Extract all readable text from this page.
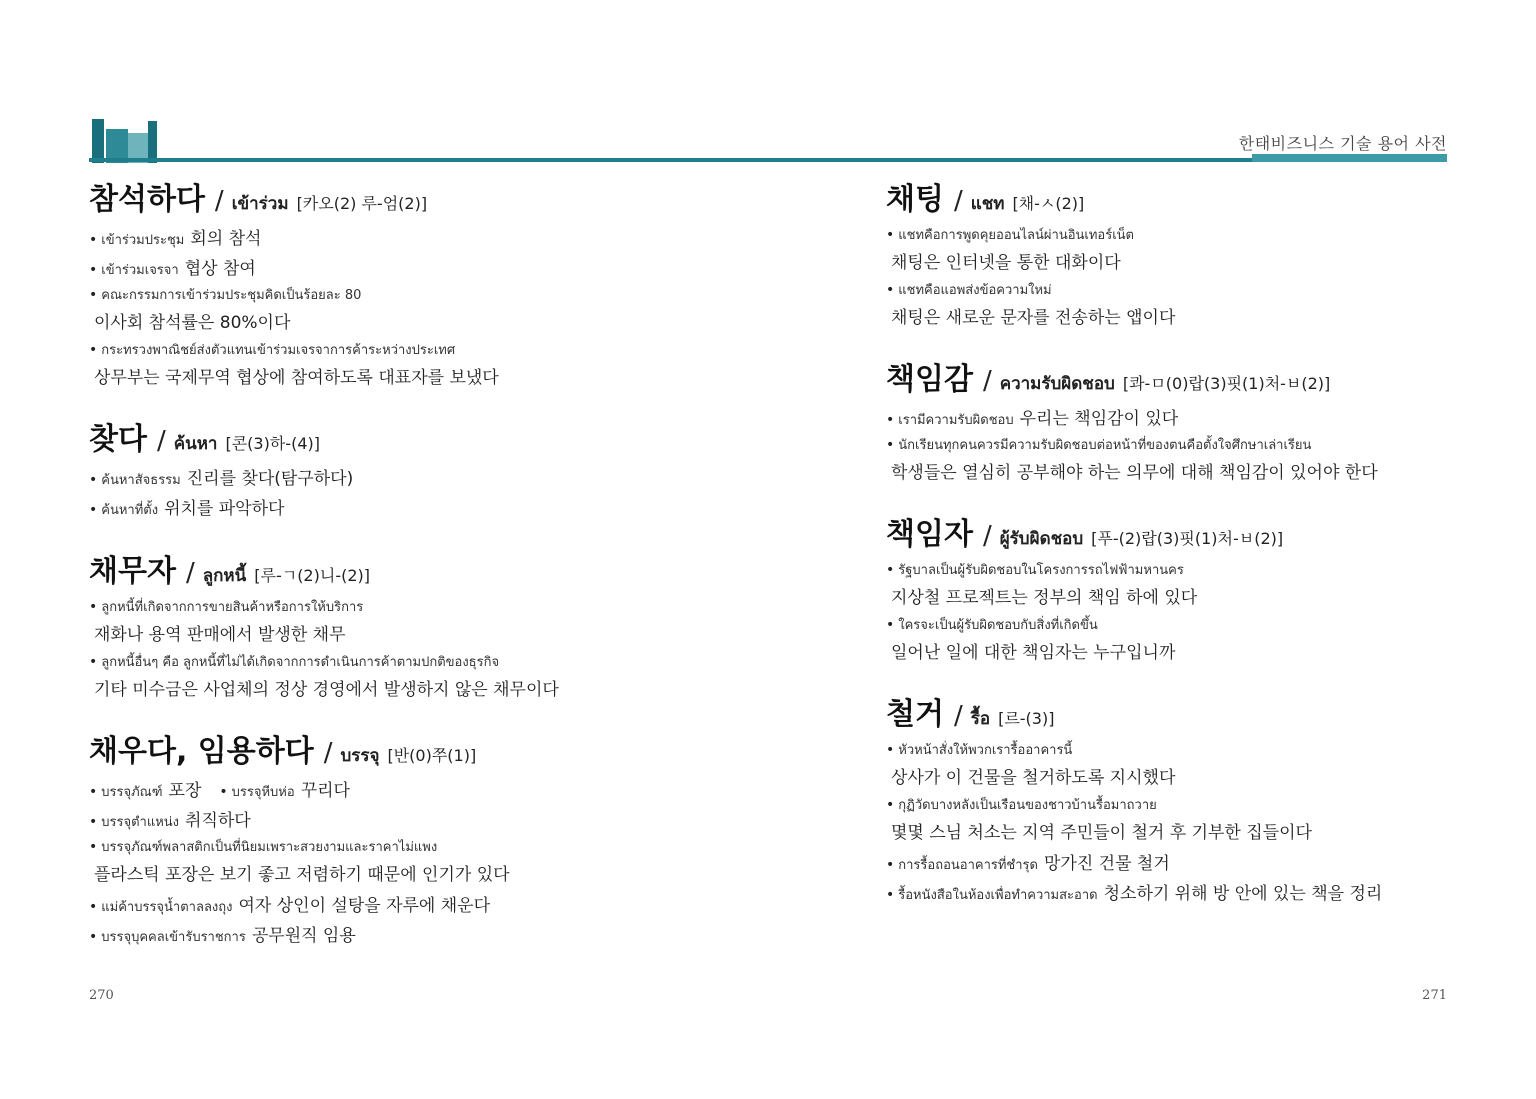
한태비즈니스 기술 용어 사전
참석하다 / เข้าร่วม [카오(2) 루-엄(2)]
• เข้าร่วมประชุม 회의 참석
• เข้าร่วมเจรจา 협상 참여
• คณะกรรมการเข้าร่วมประชุมคิดเป็นร้อยละ 80
이사회 참석률은 80%이다
• กระทรวงพาณิชย์ส่งตัวแทนเข้าร่วมเจรจาการค้าระหว่างประเทศ
상무부는 국제무역 협상에 참여하도록 대표자를 보냈다
찾다 / ค้นหา [콘(3)하-(4)]
• ค้นหาสัจธรรม 진리를 찾다(탐구하다)
• ค้นหาที่ตั้ง 위치를 파악하다
채무자 / ลูกหนี้ [루-ㄱ(2)니-(2)]
• ลูกหนี้ที่เกิดจากการขายสินค้าหรือการให้บริการ
재화나 용역 판매에서 발생한 채무
• ลูกหนี้อื่นๆ คือ ลูกหนี้ที่ไม่ได้เกิดจากการดำเนินการค้าตามปกติของธุรกิจ
기타 미수금은 사업체의 정상 경영에서 발생하지 않은 채무이다
채우다, 임용하다 / บรรจุ [반(0)쭈(1)]
• บรรจุภัณฑ์ 포장 • บรรจุหีบห่อ 꾸리다
• บรรจุตำแหน่ง 취직하다
• บรรจุภัณฑ์พลาสติกเป็นที่นิยมเพราะสวยงามและราคาไม่แพง
플라스틱 포장은 보기 좋고 저렴하기 때문에 인기가 있다
• แม่ค้าบรรจุน้ำตาลลงถุง 여자 상인이 설탕을 자루에 채운다
• บรรจุบุคคลเข้ารับราชการ 공무원직 임용
채팅 / แชท [채-ㅅ(2)]
• แชทคือการพูดคุยออนไลน์ผ่านอินเทอร์เน็ต
채팅은 인터넷을 통한 대화이다
• แชทคือแอพส่งข้อความใหม่
채팅은 새로운 문자를 전송하는 앱이다
책임감 / ความรับผิดชอบ [콰-ㅁ(0)랍(3)핏(1)처-ㅂ(2)]
• เรามีความรับผิดชอบ 우리는 책임감이 있다
• นักเรียนทุกคนควรมีความรับผิดชอบต่อหน้าที่ของตนคือตั้งใจศึกษาเล่าเรียน
학생들은 열심히 공부해야 하는 의무에 대해 책임감이 있어야 한다
책임자 / ผู้รับผิดชอบ [푸-(2)랍(3)핏(1)처-ㅂ(2)]
• รัฐบาลเป็นผู้รับผิดชอบในโครงการรถไฟฟ้ามหานคร
지상철 프로젝트는 정부의 책임 하에 있다
• ใครจะเป็นผู้รับผิดชอบกับสิ่งที่เกิดขึ้น
일어난 일에 대한 책임자는 누구입니까
철거 / รื้อ [르-(3)]
• หัวหน้าสั่งให้พวกเรารื้ออาคารนี้
상사가 이 건물을 철거하도록 지시했다
• กุฏิวัดบางหลังเป็นเรือนของชาวบ้านรื้อมาถวาย
몇몇 스님 처소는 지역 주민들이 철거 후 기부한 집들이다
• การรื้อถอนอาคารที่ชำรุด 망가진 건물 철거
• รื้อหนังสือในห้องเพื่อทำความสะอาด 청소하기 위해 방 안에 있는 책을 정리
270	271
